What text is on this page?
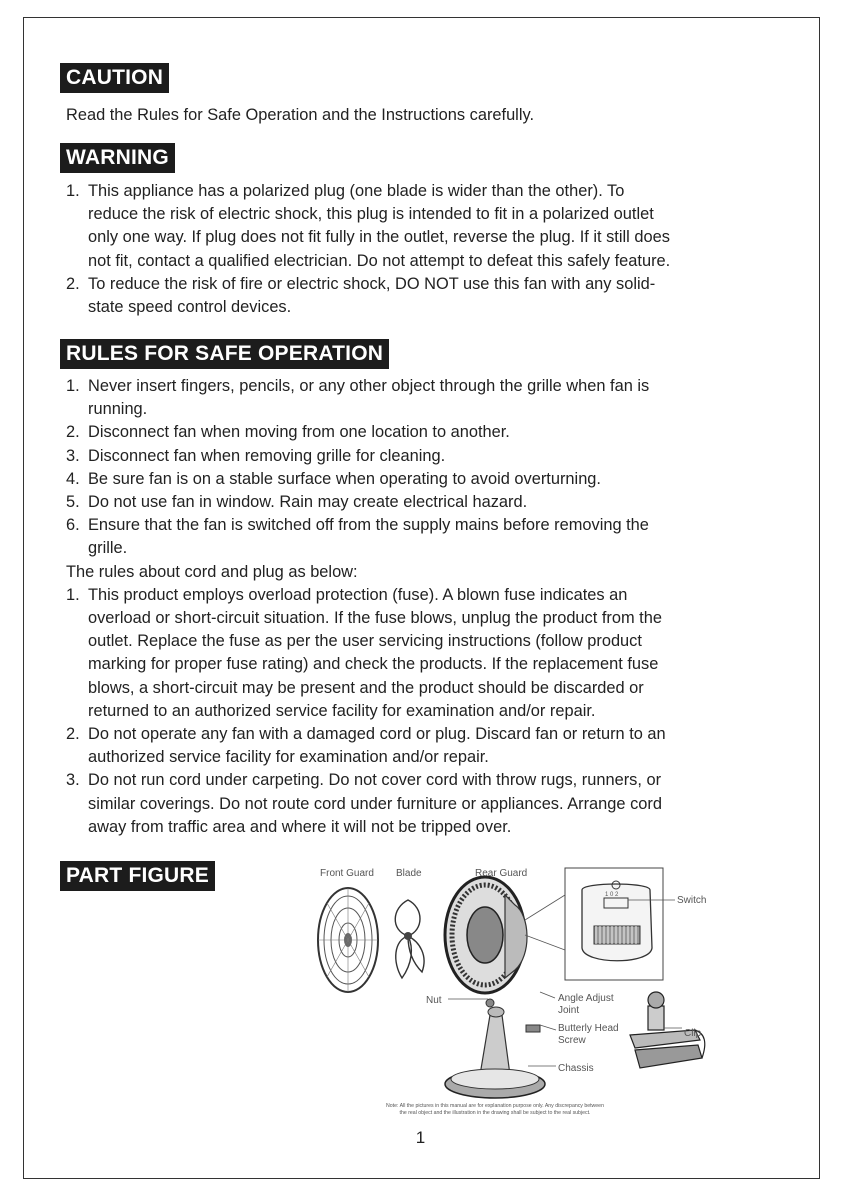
CAUTION
Read the Rules for Safe Operation and the Instructions carefully.
WARNING
1. This appliance has a polarized plug (one blade is wider than the other). To
reduce the risk of electric shock, this plug is intended to fit in a polarized outlet
only one way. If plug does not fit fully in the outlet, reverse the plug. If it still does
not fit, contact a qualified electrician. Do not attempt to defeat this safely feature.
2. To reduce the risk of fire or electric shock, DO NOT use this fan with any solid-
state speed control devices.
RULES FOR SAFE OPERATION
1. Never insert fingers, pencils, or any other object through the grille when fan is
running.
2. Disconnect fan when moving from one location to another.
3. Disconnect fan when removing grille for cleaning.
4. Be sure fan is on a stable surface when operating to avoid overturning.
5. Do not use fan in window. Rain may create electrical hazard.
6. Ensure that the fan is switched off from the supply mains before removing the
grille.
The rules about cord and plug as below:
1. This product employs overload protection (fuse). A blown fuse indicates an
overload or short-circuit situation. If the fuse blows, unplug the product from the
outlet. Replace the fuse as per the user servicing instructions (follow product
marking for proper fuse rating) and check the products. If the replacement fuse
blows, a short-circuit may be present and the product should be discarded or
returned to an authorized service facility for examination and/or repair.
2. Do not operate any fan with a damaged cord or plug. Discard fan or return to an
authorized service facility for examination and/or repair.
3. Do not run cord under carpeting. Do not cover cord with throw rugs, runners, or
similar coverings. Do not route cord under furniture or appliances. Arrange cord
away from traffic area and where it will not be tripped over.
PART FIGURE	Front Guard Blade	Rear Guard
Switch
1 0 2
Nut	Angle Adjust
Joint
Butterly Head
Screw
Clip
Chassis
Note: All the pictures in this manual are for explanation purpose only. Any discrepancy between
the real object and the illustration in the drawing shall be subject to the real subject.
1
